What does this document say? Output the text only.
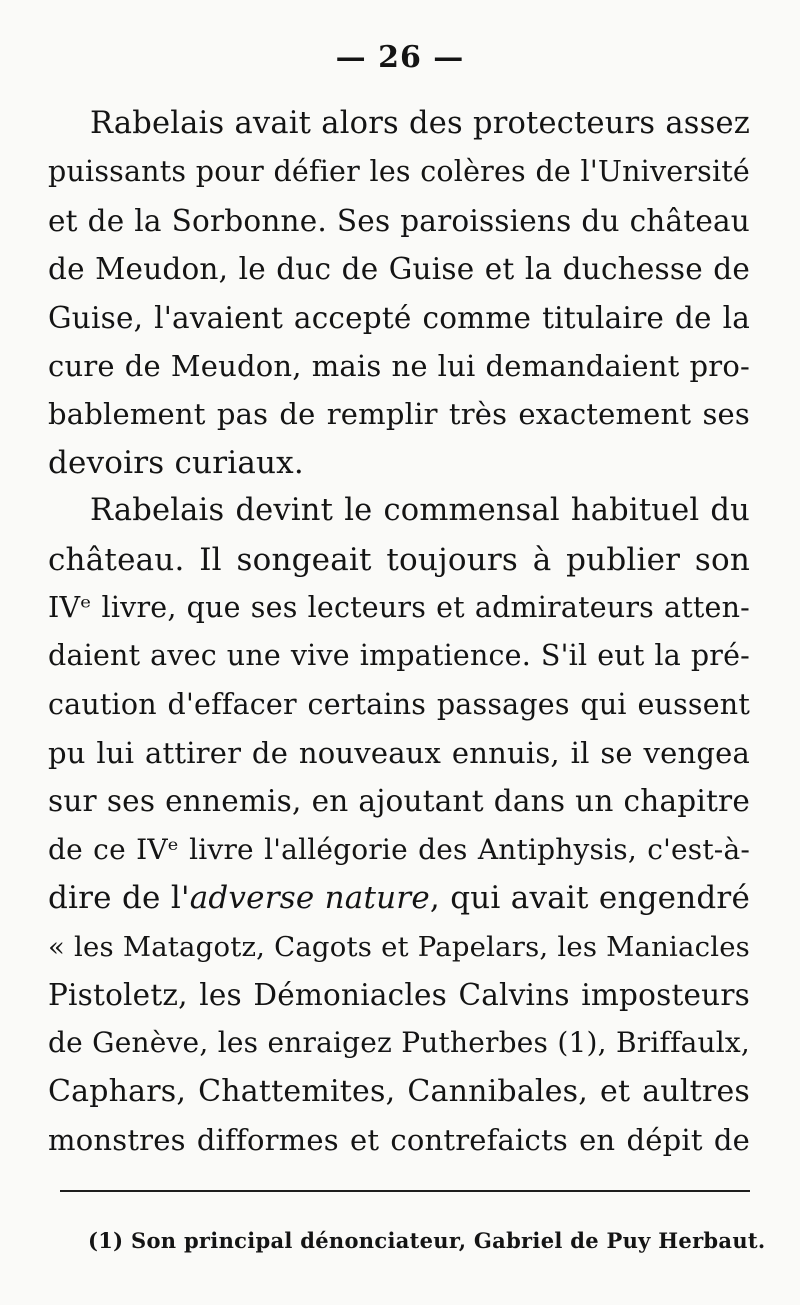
— 26 —
Rabelais avait alors des protecteurs assez
puissants pour défier les colères de l'Université
et de la Sorbonne. Ses paroissiens du château
de Meudon, le duc de Guise et la duchesse de
Guise, l'avaient accepté comme titulaire de la
cure de Meudon, mais ne lui demandaient pro-
bablement pas de remplir très exactement ses
devoirs curiaux.
Rabelais devint le commensal habituel du
château. Il songeait toujours à publier son
IVᵉ livre, que ses lecteurs et admirateurs atten-
daient avec une vive impatience. S'il eut la pré-
caution d'effacer certains passages qui eussent
pu lui attirer de nouveaux ennuis, il se vengea
sur ses ennemis, en ajoutant dans un chapitre
de ce IVᵉ livre l'allégorie des Antiphysis, c'est-à-
dire de l'adverse nature, qui avait engendré
« les Matagotz, Cagots et Papelars, les Maniacles
Pistoletz, les Démoniacles Calvins imposteurs
de Genève, les enraigez Putherbes (1), Briffaulx,
Caphars, Chattemites, Cannibales, et aultres
monstres difformes et contrefaicts en dépit de
(1) Son principal dénonciateur, Gabriel de Puy Herbaut.
